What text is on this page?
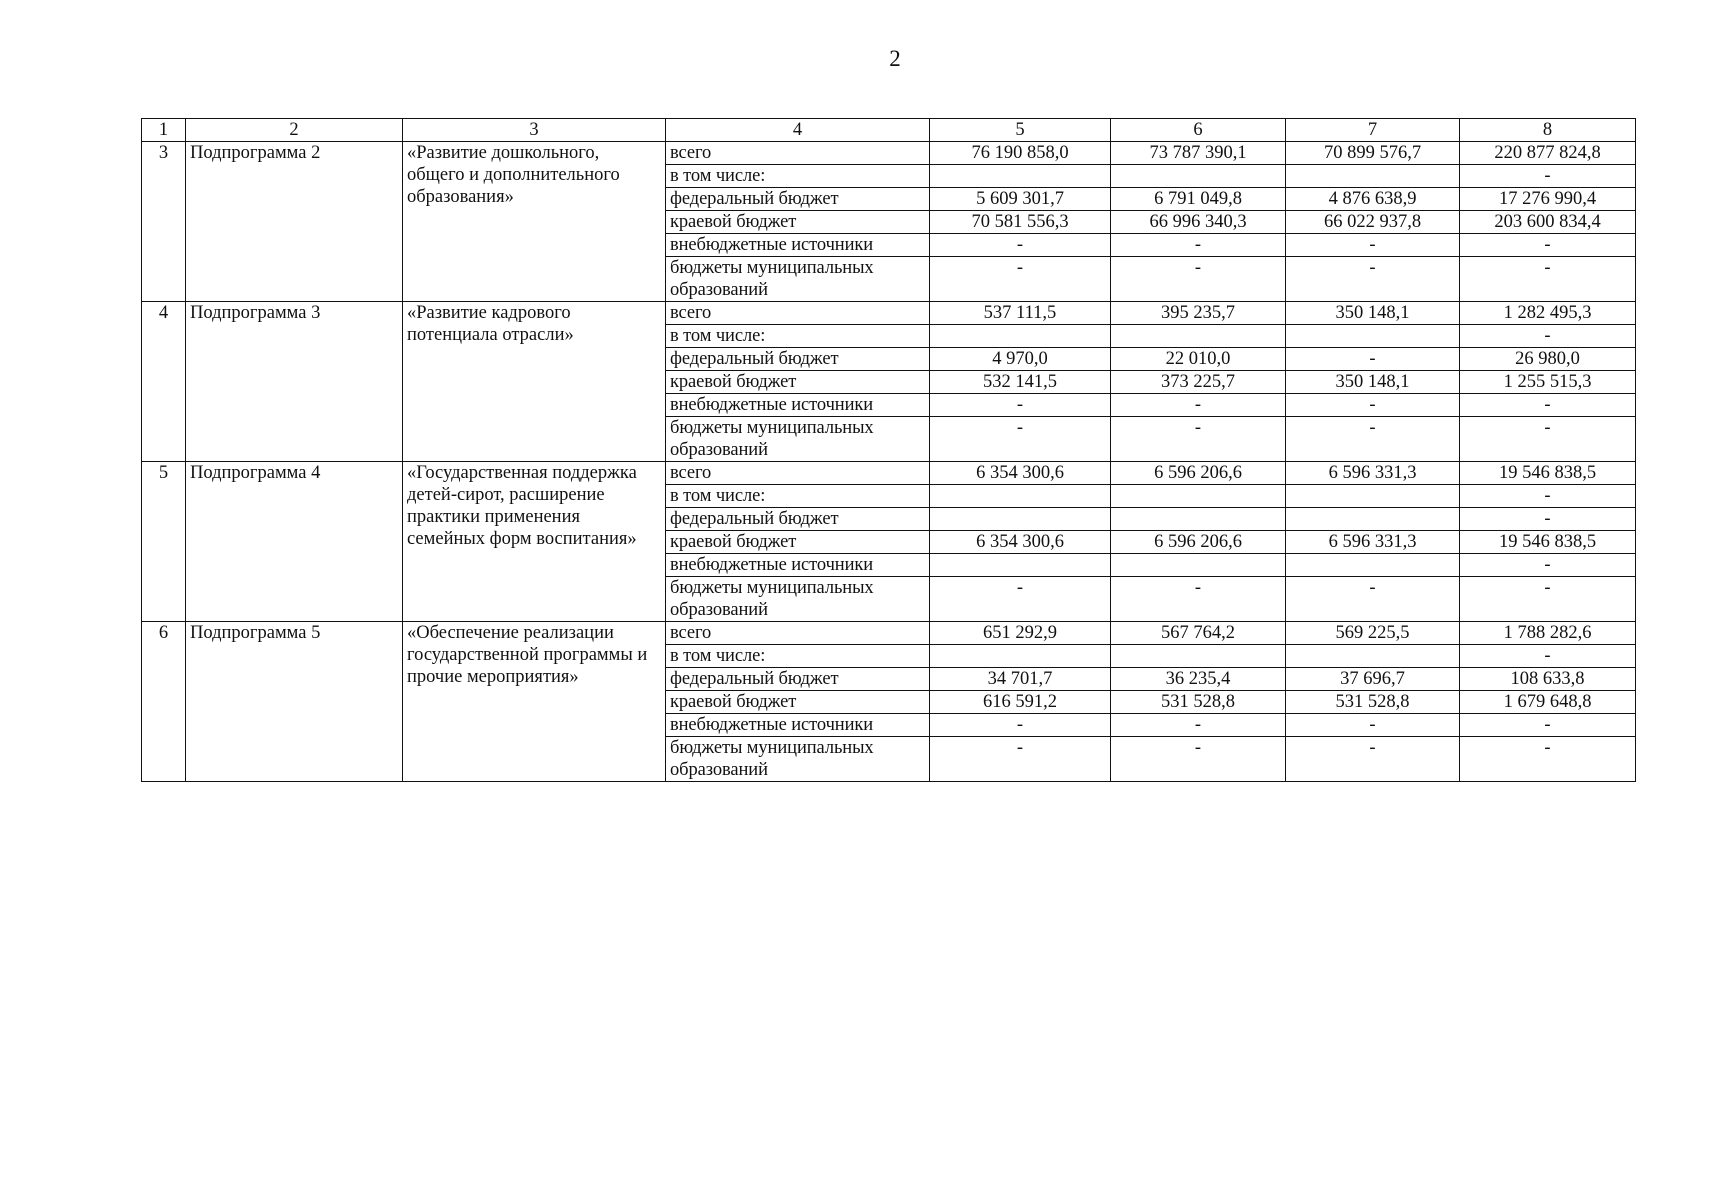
2
1	2	3	4	5	6	7	8
3	Подпрограмма 2	«Развитие дошкольного, общего и дополнительного образования»	всего	76 190 858,0	73 787 390,1	70 899 576,7	220 877 824,8
			в том числе:				-
			федеральный бюджет	5 609 301,7	6 791 049,8	4 876 638,9	17 276 990,4
			краевой бюджет	70 581 556,3	66 996 340,3	66 022 937,8	203 600 834,4
			внебюджетные источники	-	-	-	-
			бюджеты муниципальных образований	-	-	-	-
4	Подпрограмма 3	«Развитие кадрового потенциала отрасли»	всего	537 111,5	395 235,7	350 148,1	1 282 495,3
			в том числе:				-
			федеральный бюджет	4 970,0	22 010,0	-	26 980,0
			краевой бюджет	532 141,5	373 225,7	350 148,1	1 255 515,3
			внебюджетные источники	-	-	-	-
			бюджеты муниципальных образований	-	-	-	-
5	Подпрограмма 4	«Государственная поддержка детей-сирот, расширение практики применения семейных форм воспитания»	всего	6 354 300,6	6 596 206,6	6 596 331,3	19 546 838,5
			в том числе:				-
			федеральный бюджет				-
			краевой бюджет	6 354 300,6	6 596 206,6	6 596 331,3	19 546 838,5
			внебюджетные источники				-
			бюджеты муниципальных образований	-	-	-	-
6	Подпрограмма 5	«Обеспечение реализации государственной программы и прочие мероприятия»	всего	651 292,9	567 764,2	569 225,5	1 788 282,6
			в том числе:				-
			федеральный бюджет	34 701,7	36 235,4	37 696,7	108 633,8
			краевой бюджет	616 591,2	531 528,8	531 528,8	1 679 648,8
			внебюджетные источники	-	-	-	-
			бюджеты муниципальных образований	-	-	-	-
